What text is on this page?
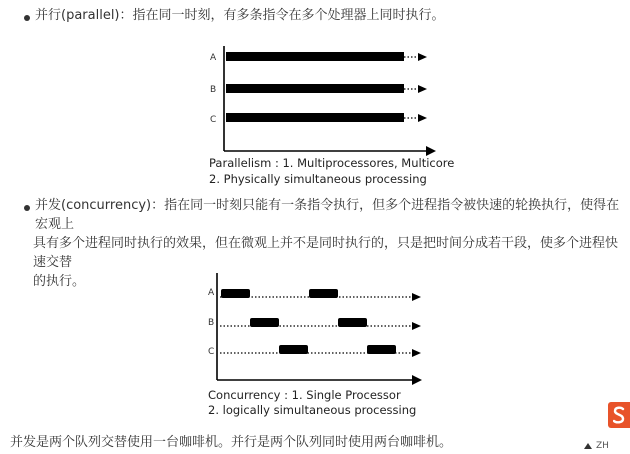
并行(parallel)：指在同一时刻，有多条指令在多个处理器上同时执行。

A
B
C
Parallelism : 1. Multiprocessores, Multicore
2. Physically simultaneous processing

并发(concurrency)：指在同一时刻只能有一条指令执行，但多个进程指令被快速的轮换执行，使得在宏观上
具有多个进程同时执行的效果，但在微观上并不是同时执行的，只是把时间分成若干段，使多个进程快速交替
的执行。

A
B
C
Concurrency : 1. Single Processor
2. logically simultaneous processing
并发是两个队列交替使用一台咖啡机。并行是两个队列同时使用两台咖啡机。	ZH
